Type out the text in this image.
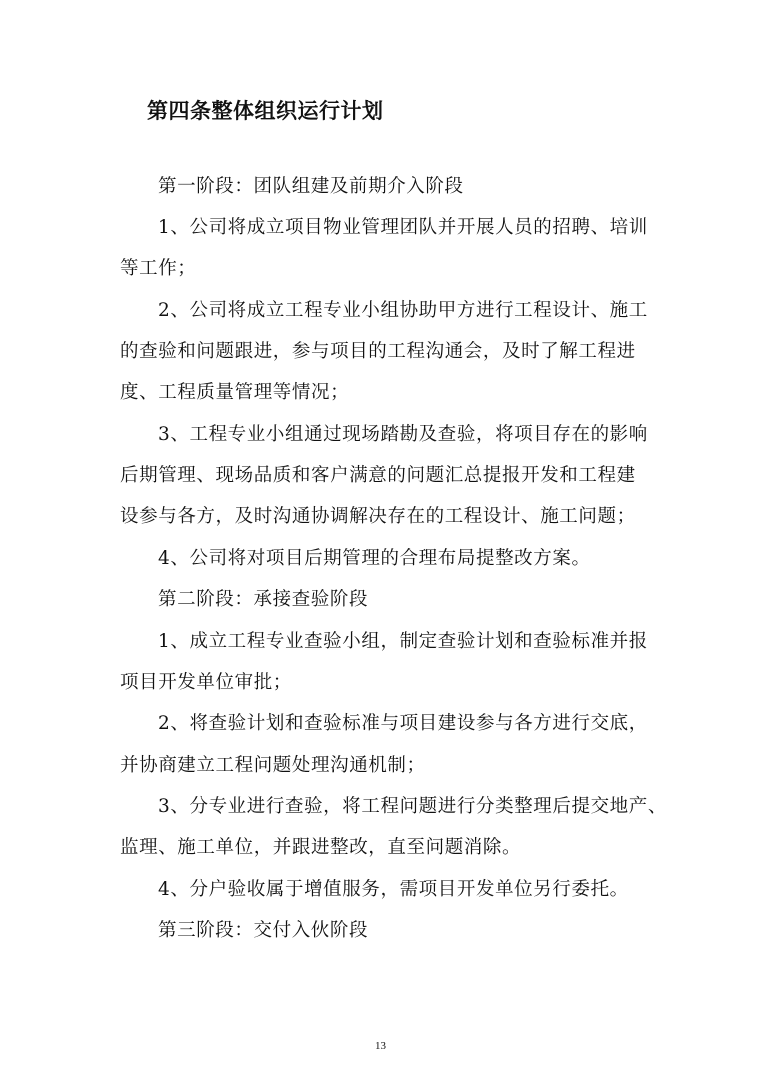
第四条整体组织运行计划
第一阶段：团队组建及前期介入阶段
1、公司将成立项目物业管理团队并开展人员的招聘、培训
等工作；
2、公司将成立工程专业小组协助甲方进行工程设计、施工
的查验和问题跟进，参与项目的工程沟通会，及时了解工程进
度、工程质量管理等情况；
3、工程专业小组通过现场踏勘及查验，将项目存在的影响
后期管理、现场品质和客户满意的问题汇总提报开发和工程建
设参与各方，及时沟通协调解决存在的工程设计、施工问题；
4、公司将对项目后期管理的合理布局提整改方案。
第二阶段：承接查验阶段
1、成立工程专业查验小组，制定查验计划和查验标准并报
项目开发单位审批；
2、将查验计划和查验标准与项目建设参与各方进行交底，
并协商建立工程问题处理沟通机制；
3、分专业进行查验，将工程问题进行分类整理后提交地产、
监理、施工单位，并跟进整改，直至问题消除。
4、分户验收属于增值服务，需项目开发单位另行委托。
第三阶段：交付入伙阶段
13
